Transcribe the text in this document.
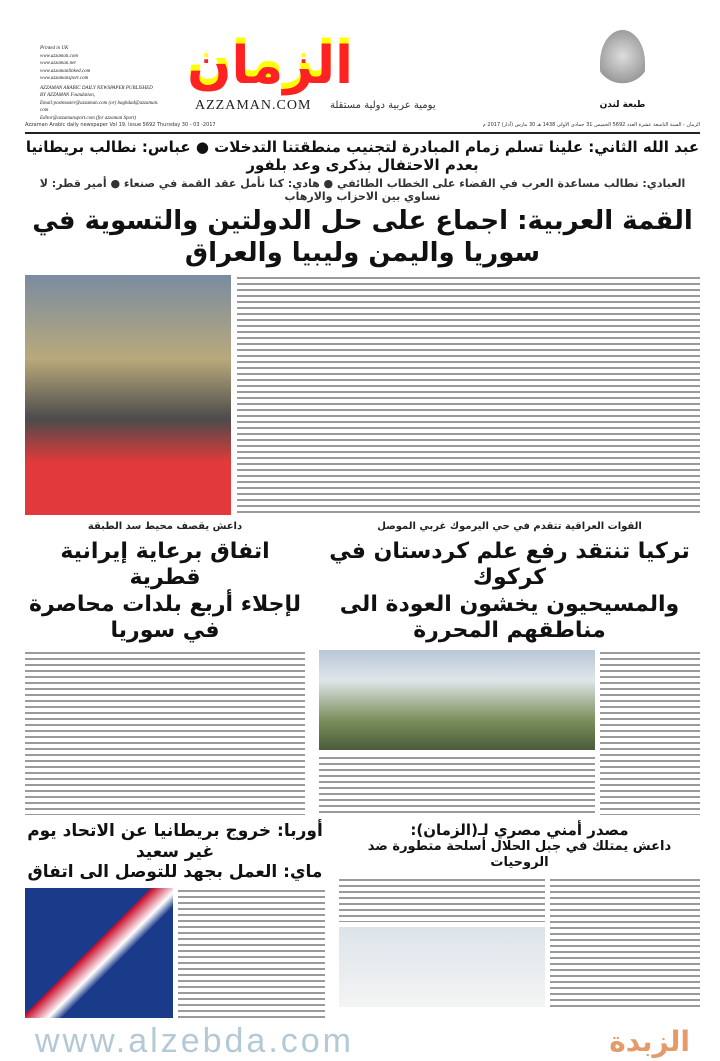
Printed in UK
www.azzaman.com
www.azzaman.net
www.azzamanlinked.com
www.azzamansport.com
AZZAMAN ARABIC DAILY NEWSPAPER PUBLISHED
BY AZZAMAN Foundation,
Email:postmaster@azzaman.com (or) baghdad@azzaman.com
Editor@azzamansport.com (for azzaman Sport)
الزمان
AZZAMAN.COM يومية عربية دولية مستقلة	طبعة لندن
Azzaman Arabic daily newspaper Vol 19. Issue 5692 Thursday 30 - 03 -2017	الزمان - السنة التاسعة عشرة العدد 5692 الخميس 31 جمادى الاولى 1438 هـ 30 مارس (آذار) 2017 م
عبد الله الثاني: علينا تسلم زمام المبادرة لتجنيب منطقتنا التدخلات ● عباس: نطالب بريطانيا بعدم الاحتفال بذكرى وعد بلفور
العبادي: نطالب مساعدة العرب في القضاء على الخطاب الطائفي ● هادي: كنا نأمل عقد القمة في صنعاء ● أمير قطر: لا نساوي بين الاحزاب والارهاب
القمة العربية: اجماع على حل الدولتين والتسوية في سوريا واليمن وليبيا والعراق
داعش يقصف محيط سد الطبقة
اتفاق برعاية إيرانية قطرية
لإجلاء أربع بلدات محاصرة في سوريا
القوات العراقية تتقدم في حي اليرموك غربي الموصل
تركيا تنتقد رفع علم كردستان في كركوك
والمسيحيون يخشون العودة الى مناطقهم المحررة
أوربا: خروج بريطانيا عن الاتحاد يوم غير سعيد
ماي: العمل بجهد للتوصل الى اتفاق
مصدر أمني مصري لـ(الزمان):
داعش يمتلك في جبل الحلال أسلحة متطورة ضد الروحيات
www.alzebda.com	الزبدة
